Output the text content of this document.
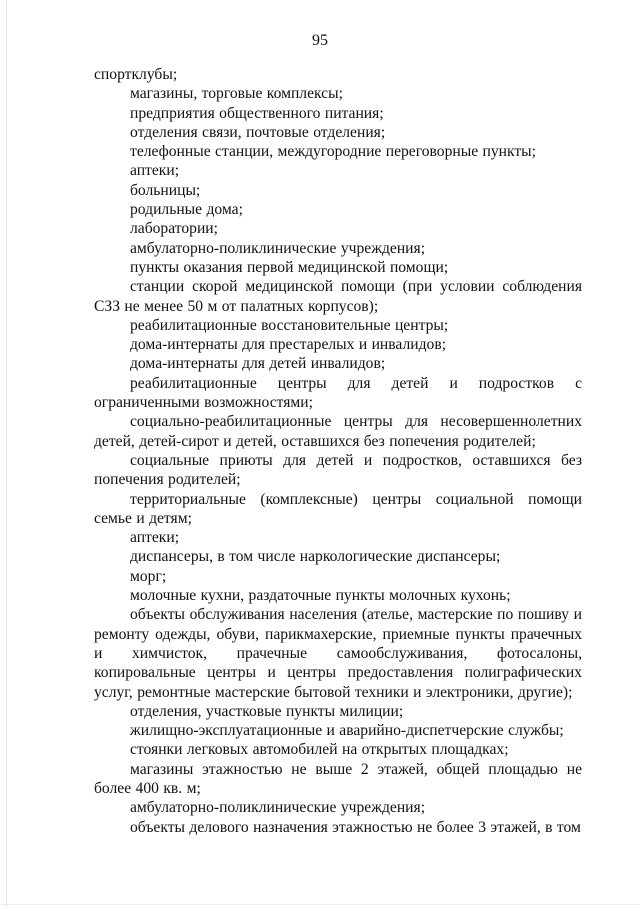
95

спортклубы;

магазины, торговые комплексы;

предприятия общественного питания;

отделения связи, почтовые отделения;

телефонные станции, междугородние переговорные пункты;

аптеки;

больницы;

родильные дома;

лаборатории;

амбулаторно-поликлинические учреждения;

пункты оказания первой медицинской помощи;

станции скорой медицинской помощи (при условии соблюдения СЗЗ не менее 50 м от палатных корпусов);

реабилитационные восстановительные центры;

дома-интернаты для престарелых и инвалидов;

дома-интернаты для детей инвалидов;

реабилитационные центры для детей и подростков с ограниченными возможностями;

социально-реабилитационные центры для несовершеннолетних детей, детей-сирот и детей, оставшихся без попечения родителей;

социальные приюты для детей и подростков, оставшихся без попечения родителей;

территориальные (комплексные) центры социальной помощи семье и детям;

аптеки;

диспансеры, в том числе наркологические диспансеры;

морг;

молочные кухни, раздаточные пункты молочных кухонь;

объекты обслуживания населения (ателье, мастерские по пошиву и ремонту одежды, обуви, парикмахерские, приемные пункты прачечных и химчисток, прачечные самообслуживания, фотосалоны, копировальные центры и центры предоставления полиграфических услуг, ремонтные мастерские бытовой техники и электроники, другие);

отделения, участковые пункты милиции;

жилищно-эксплуатационные и аварийно-диспетчерские службы;

стоянки легковых автомобилей на открытых площадках;

магазины этажностью не выше 2 этажей, общей площадью не более 400 кв. м;

амбулаторно-поликлинические учреждения;

объекты делового назначения этажностью не более 3 этажей, в том
